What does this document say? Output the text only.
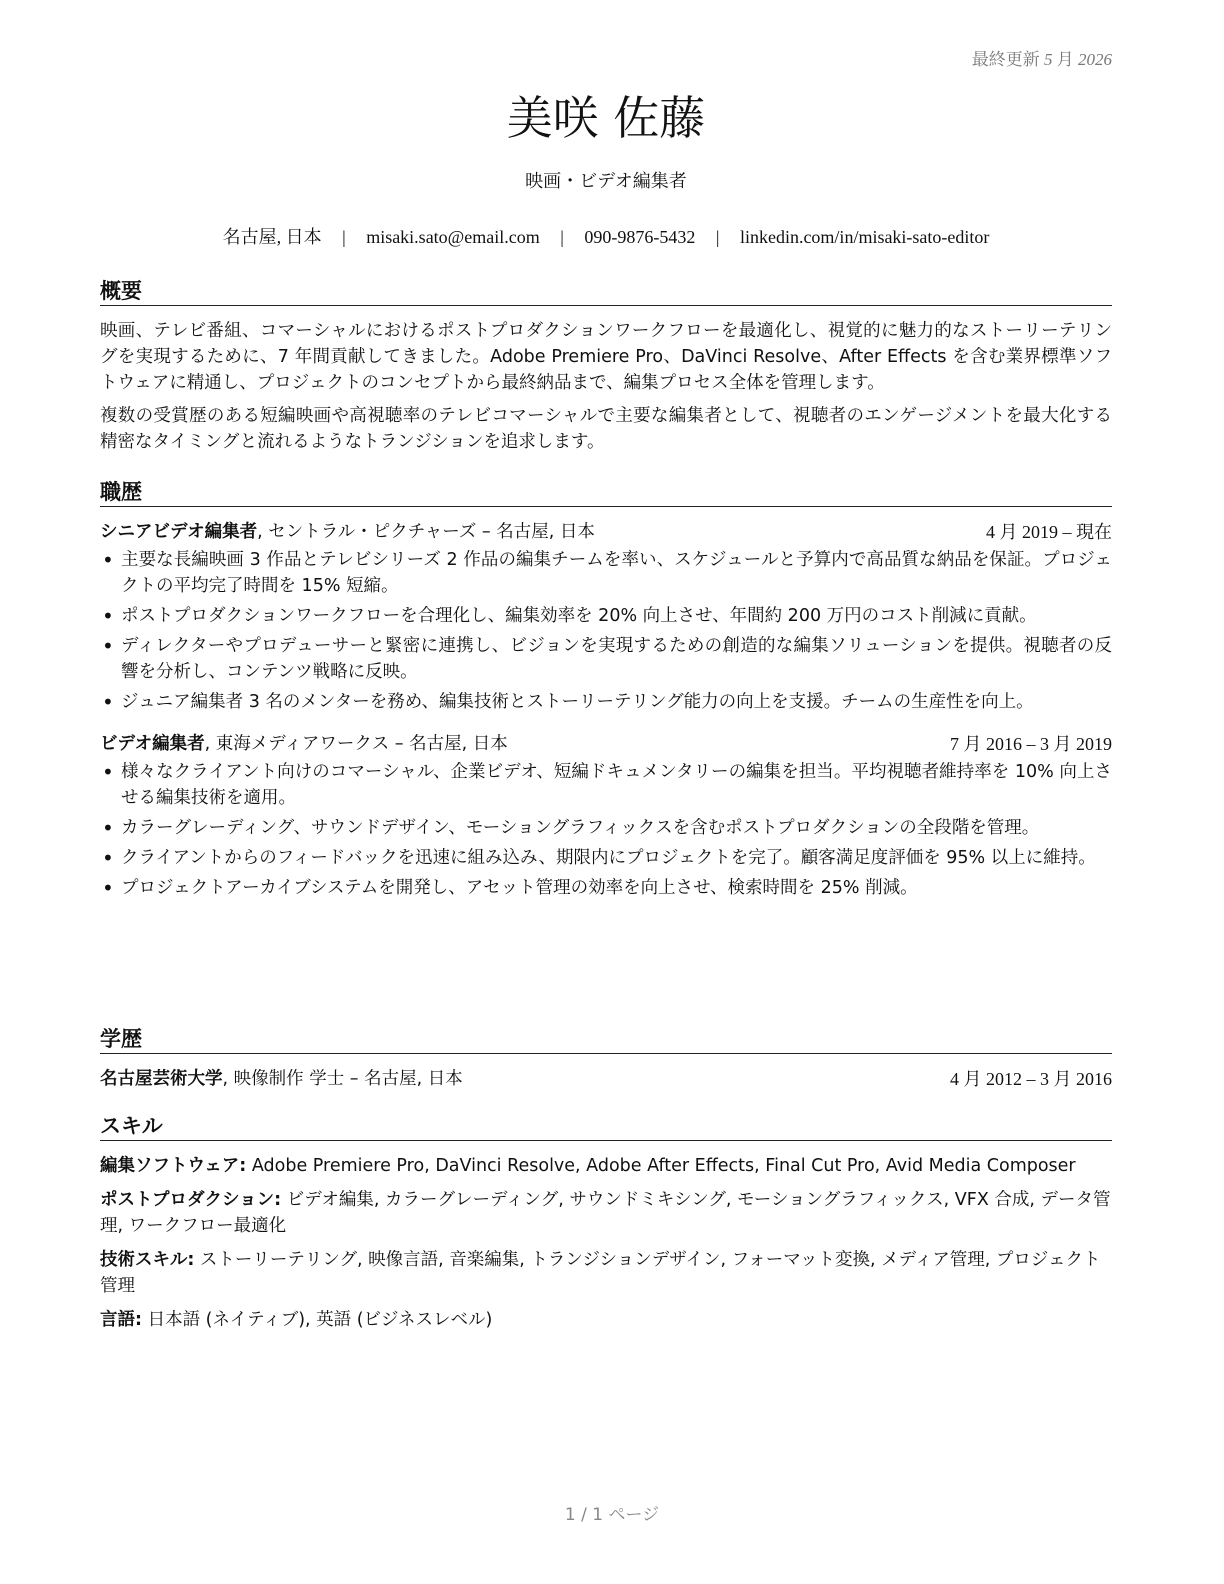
最終更新 5 月 2026
美咲 佐藤
映画・ビデオ編集者
名古屋, 日本 | misaki.sato@email.com | 090-9876-5432 | linkedin.com/in/misaki-sato-editor
概要

映画、テレビ番組、コマーシャルにおけるポストプロダクションワークフローを最適化し、視覚的に魅力的なストーリーテリングを実現するために、7 年間貢献してきました。Adobe Premiere Pro、DaVinci Resolve、After Effects を含む業界標準ソフトウェアに精通し、プロジェクトのコンセプトから最終納品まで、編集プロセス全体を管理します。

複数の受賞歴のある短編映画や高視聴率のテレビコマーシャルで主要な編集者として、視聴者のエンゲージメントを最大化する精密なタイミングと流れるようなトランジションを追求します。

職歴
シニアビデオ編集者, セントラル・ピクチャーズ – 名古屋, 日本	4 月 2019 – 現在
• 主要な長編映画 3 作品とテレビシリーズ 2 作品の編集チームを率い、スケジュールと予算内で高品質な納品を保証。プロジェクトの平均完了時間を 15% 短縮。
• ポストプロダクションワークフローを合理化し、編集効率を 20% 向上させ、年間約 200 万円のコスト削減に貢献。
• ディレクターやプロデューサーと緊密に連携し、ビジョンを実現するための創造的な編集ソリューションを提供。視聴者の反響を分析し、コンテンツ戦略に反映。
• ジュニア編集者 3 名のメンターを務め、編集技術とストーリーテリング能力の向上を支援。チームの生産性を向上。
ビデオ編集者, 東海メディアワークス – 名古屋, 日本	7 月 2016 – 3 月 2019
• 様々なクライアント向けのコマーシャル、企業ビデオ、短編ドキュメンタリーの編集を担当。平均視聴者維持率を 10% 向上させる編集技術を適用。
• カラーグレーディング、サウンドデザイン、モーショングラフィックスを含むポストプロダクションの全段階を管理。
• クライアントからのフィードバックを迅速に組み込み、期限内にプロジェクトを完了。顧客満足度評価を 95% 以上に維持。
• プロジェクトアーカイブシステムを開発し、アセット管理の効率を向上させ、検索時間を 25% 削減。
学歴
名古屋芸術大学, 映像制作 学士 – 名古屋, 日本	4 月 2012 – 3 月 2016
スキル
編集ソフトウェア: Adobe Premiere Pro, DaVinci Resolve, Adobe After Effects, Final Cut Pro, Avid Media Composer
ポストプロダクション: ビデオ編集, カラーグレーディング, サウンドミキシング, モーショングラフィックス, VFX 合成, データ管理, ワークフロー最適化
技術スキル: ストーリーテリング, 映像言語, 音楽編集, トランジションデザイン, フォーマット変換, メディア管理, プロジェクト管理
言語: 日本語 (ネイティブ), 英語 (ビジネスレベル)
1 / 1 ページ
